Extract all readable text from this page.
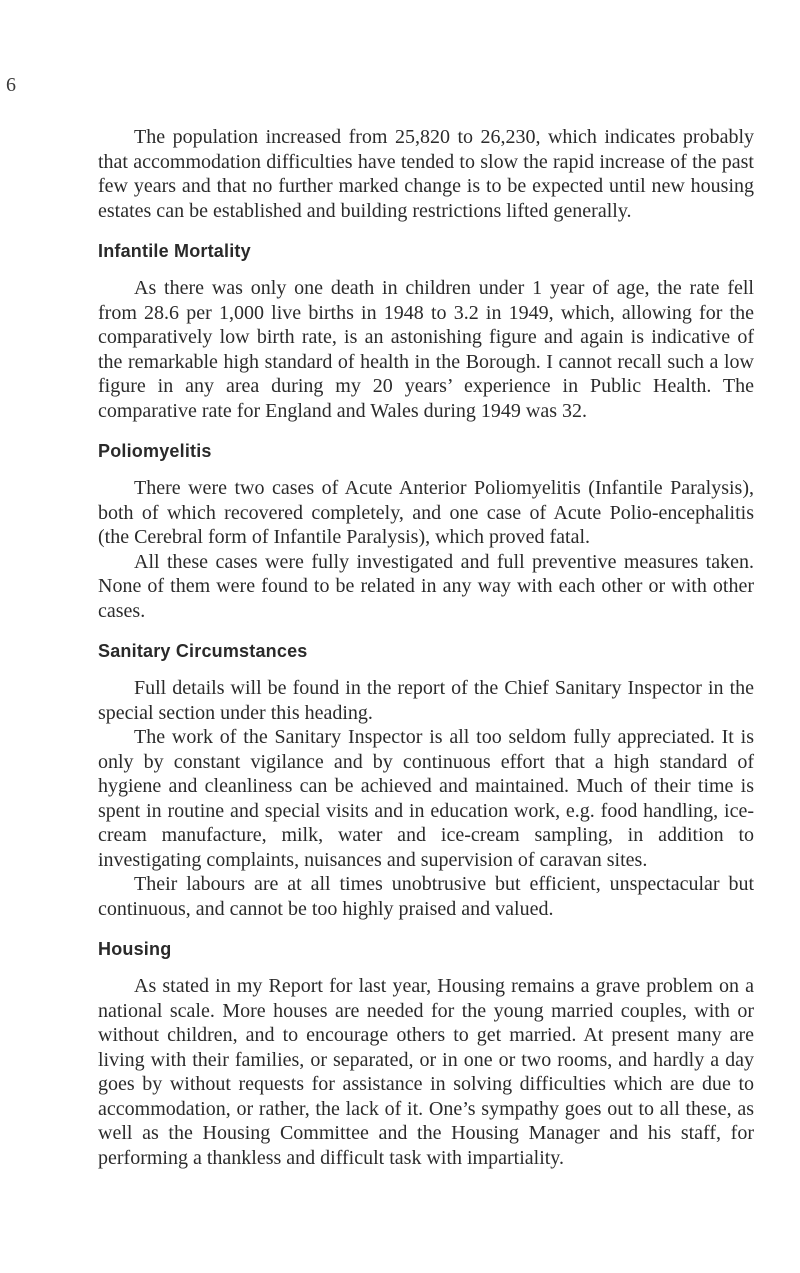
6

The population increased from 25,820 to 26,230, which indicates probably that accommodation difficulties have tended to slow the rapid increase of the past few years and that no further marked change is to be expected until new housing estates can be established and building restrictions lifted generally.

Infantile Mortality

As there was only one death in children under 1 year of age, the rate fell from 28.6 per 1,000 live births in 1948 to 3.2 in 1949, which, allowing for the comparatively low birth rate, is an astonishing figure and again is indicative of the remarkable high standard of health in the Borough. I cannot recall such a low figure in any area during my 20 years’ experience in Public Health. The comparative rate for England and Wales during 1949 was 32.

Poliomyelitis

There were two cases of Acute Anterior Poliomyelitis (Infantile Paralysis), both of which recovered completely, and one case of Acute Polio-encephalitis (the Cerebral form of Infantile Paralysis), which proved fatal.

All these cases were fully investigated and full preventive measures taken. None of them were found to be related in any way with each other or with other cases.

Sanitary Circumstances

Full details will be found in the report of the Chief Sanitary Inspector in the special section under this heading.

The work of the Sanitary Inspector is all too seldom fully appreciated. It is only by constant vigilance and by continuous effort that a high standard of hygiene and cleanliness can be achieved and maintained. Much of their time is spent in routine and special visits and in education work, e.g. food handling, ice-cream manufacture, milk, water and ice-cream sampling, in addition to investigating complaints, nuisances and supervision of caravan sites.

Their labours are at all times unobtrusive but efficient, unspectacular but continuous, and cannot be too highly praised and valued.

Housing

As stated in my Report for last year, Housing remains a grave problem on a national scale. More houses are needed for the young married couples, with or without children, and to encourage others to get married. At present many are living with their families, or separated, or in one or two rooms, and hardly a day goes by without requests for assistance in solving difficulties which are due to accommodation, or rather, the lack of it. One’s sympathy goes out to all these, as well as the Housing Committee and the Housing Manager and his staff, for performing a thankless and difficult task with impartiality.
